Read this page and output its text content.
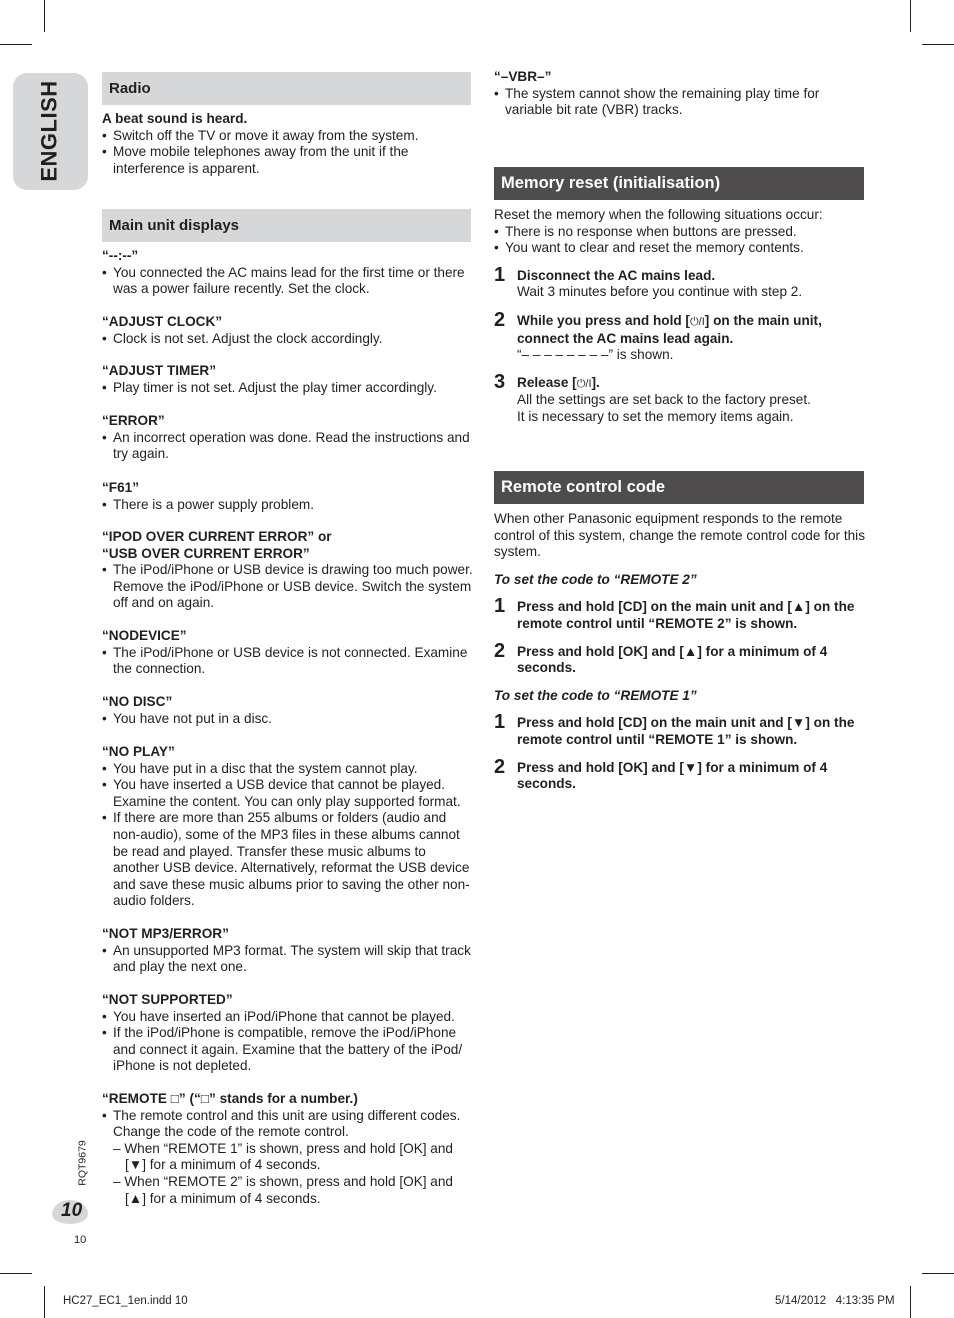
ENGLISH	Radio
A beat sound is heard.
• Switch off the TV or move it away from the system.
• Move mobile telephones away from the unit if the interference is apparent.
Main unit displays
“--:--”
• You connected the AC mains lead for the first time or there was a power failure recently. Set the clock.
“ADJUST CLOCK”
• Clock is not set. Adjust the clock accordingly.
“ADJUST TIMER”
• Play timer is not set. Adjust the play timer accordingly.
“ERROR”
• An incorrect operation was done. Read the instructions and try again.
“F61”
• There is a power supply problem.
“IPOD OVER CURRENT ERROR” or
“USB OVER CURRENT ERROR”
• The iPod/iPhone or USB device is drawing too much power. Remove the iPod/iPhone or USB device. Switch the system off and on again.
“NODEVICE”
• The iPod/iPhone or USB device is not connected. Examine the connection.
“NO DISC”
• You have not put in a disc.
“NO PLAY”
• You have put in a disc that the system cannot play.
• You have inserted a USB device that cannot be played. Examine the content. You can only play supported format.
• If there are more than 255 albums or folders (audio and non-audio), some of the MP3 files in these albums cannot be read and played. Transfer these music albums to another USB device. Alternatively, reformat the USB device and save these music albums prior to saving the other non-audio folders.
“NOT MP3/ERROR”
• An unsupported MP3 format. The system will skip that track and play the next one.
“NOT SUPPORTED”
• You have inserted an iPod/iPhone that cannot be played.
• If the iPod/iPhone is compatible, remove the iPod/iPhone and connect it again. Examine that the battery of the iPod/ iPhone is not depleted.
“REMOTE □” (“□” stands for a number.)
• The remote control and this unit are using different codes. Change the code of the remote control.
– When “REMOTE 1” is shown, press and hold [OK] and [▼] for a minimum of 4 seconds.
– When “REMOTE 2” is shown, press and hold [OK] and [▲] for a minimum of 4 seconds.
“–VBR–”
• The system cannot show the remaining play time for variable bit rate (VBR) tracks.
Memory reset (initialisation)
Reset the memory when the following situations occur:
• There is no response when buttons are pressed.
• You want to clear and reset the memory contents.
1 Disconnect the AC mains lead.
Wait 3 minutes before you continue with step 2.
2 While you press and hold [⏻/I] on the main unit, connect the AC mains lead again.
“– – – – – – – –” is shown.
3 Release [⏻/I].
All the settings are set back to the factory preset.
It is necessary to set the memory items again.
Remote control code
When other Panasonic equipment responds to the remote control of this system, change the remote control code for this system.
To set the code to “REMOTE 2”
1 Press and hold [CD] on the main unit and [▲] on the remote control until “REMOTE 2” is shown.
2 Press and hold [OK] and [▲] for a minimum of 4 seconds.
To set the code to “REMOTE 1”
1 Press and hold [CD] on the main unit and [▼] on the remote control until “REMOTE 1” is shown.
2 Press and hold [OK] and [▼] for a minimum of 4 seconds.
RQT9679
10
10
HC27_EC1_1en.indd 10	5/14/2012   4:13:35 PM
